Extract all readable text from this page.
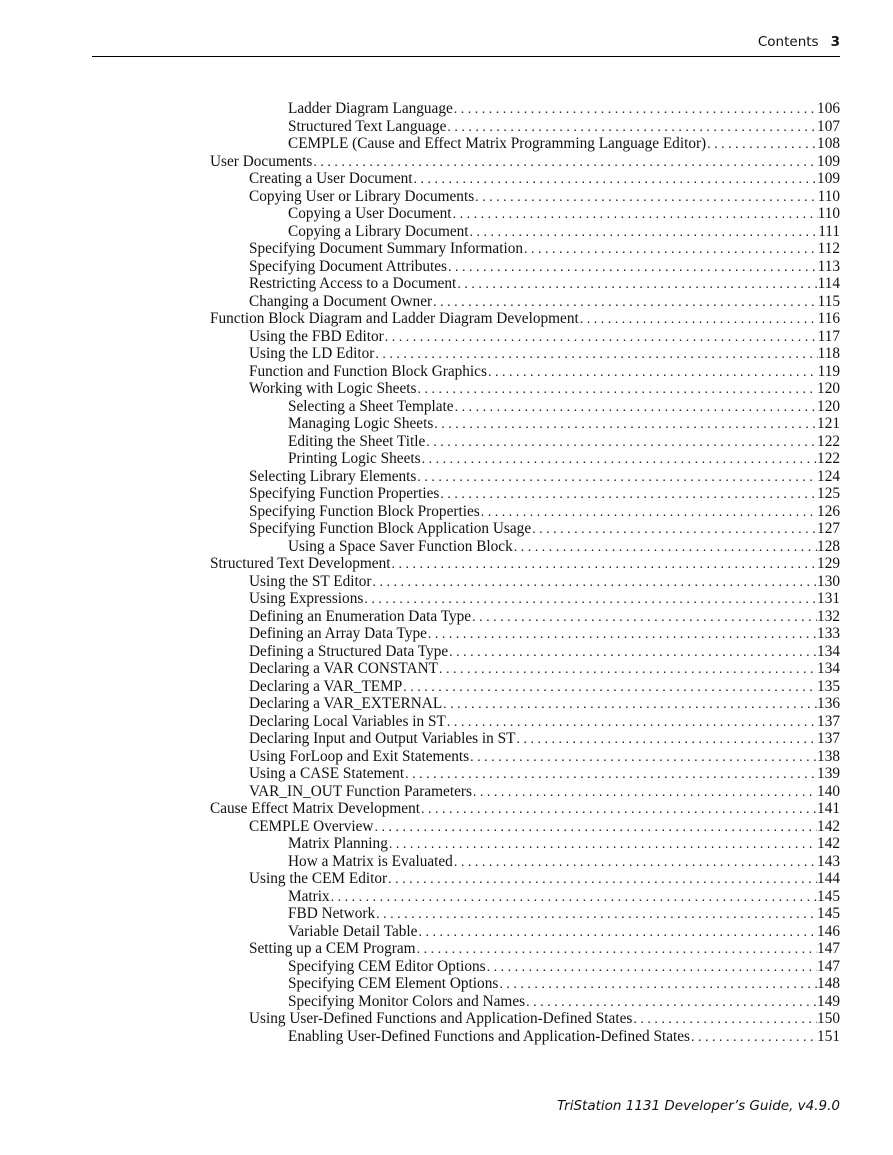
Contents 3
Ladder Diagram Language . . .	106
Structured Text Language . . .	107
CEMPLE (Cause and Effect Matrix Programming Language Editor) . . .	108
User Documents . . .	109
Creating a User Document . . .	109
Copying User or Library Documents . . .	110
Copying a User Document . . .	110
Copying a Library Document . . .	111
Specifying Document Summary Information . . .	112
Specifying Document Attributes . . .	113
Restricting Access to a Document . . .	114
Changing a Document Owner . . .	115
Function Block Diagram and Ladder Diagram Development . . .	116
Using the FBD Editor . . .	117
Using the LD Editor . . .	118
Function and Function Block Graphics . . .	119
Working with Logic Sheets . . .	120
Selecting a Sheet Template . . .	120
Managing Logic Sheets . . .	121
Editing the Sheet Title . . .	122
Printing Logic Sheets . . .	122
Selecting Library Elements . . .	124
Specifying Function Properties . . .	125
Specifying Function Block Properties . . .	126
Specifying Function Block Application Usage . . .	127
Using a Space Saver Function Block . . .	128
Structured Text Development . . .	129
Using the ST Editor . . .	130
Using Expressions . . .	131
Defining an Enumeration Data Type . . .	132
Defining an Array Data Type . . .	133
Defining a Structured Data Type . . .	134
Declaring a VAR CONSTANT . . .	134
Declaring a VAR_TEMP . . .	135
Declaring a VAR_EXTERNAL . . .	136
Declaring Local Variables in ST . . .	137
Declaring Input and Output Variables in ST . . .	137
Using ForLoop and Exit Statements . . .	138
Using a CASE Statement . . .	139
VAR_IN_OUT Function Parameters . . .	140
Cause Effect Matrix Development . . .	141
CEMPLE Overview . . .	142
Matrix Planning . . .	142
How a Matrix is Evaluated . . .	143
Using the CEM Editor . . .	144
Matrix . . .	145
FBD Network . . .	145
Variable Detail Table . . .	146
Setting up a CEM Program . . .	147
Specifying CEM Editor Options . . .	147
Specifying CEM Element Options . . .	148
Specifying Monitor Colors and Names . . .	149
Using User-Defined Functions and Application-Defined States . . .	150
Enabling User-Defined Functions and Application-Defined States . . .	151
TriStation 1131 Developer’s Guide, v4.9.0
